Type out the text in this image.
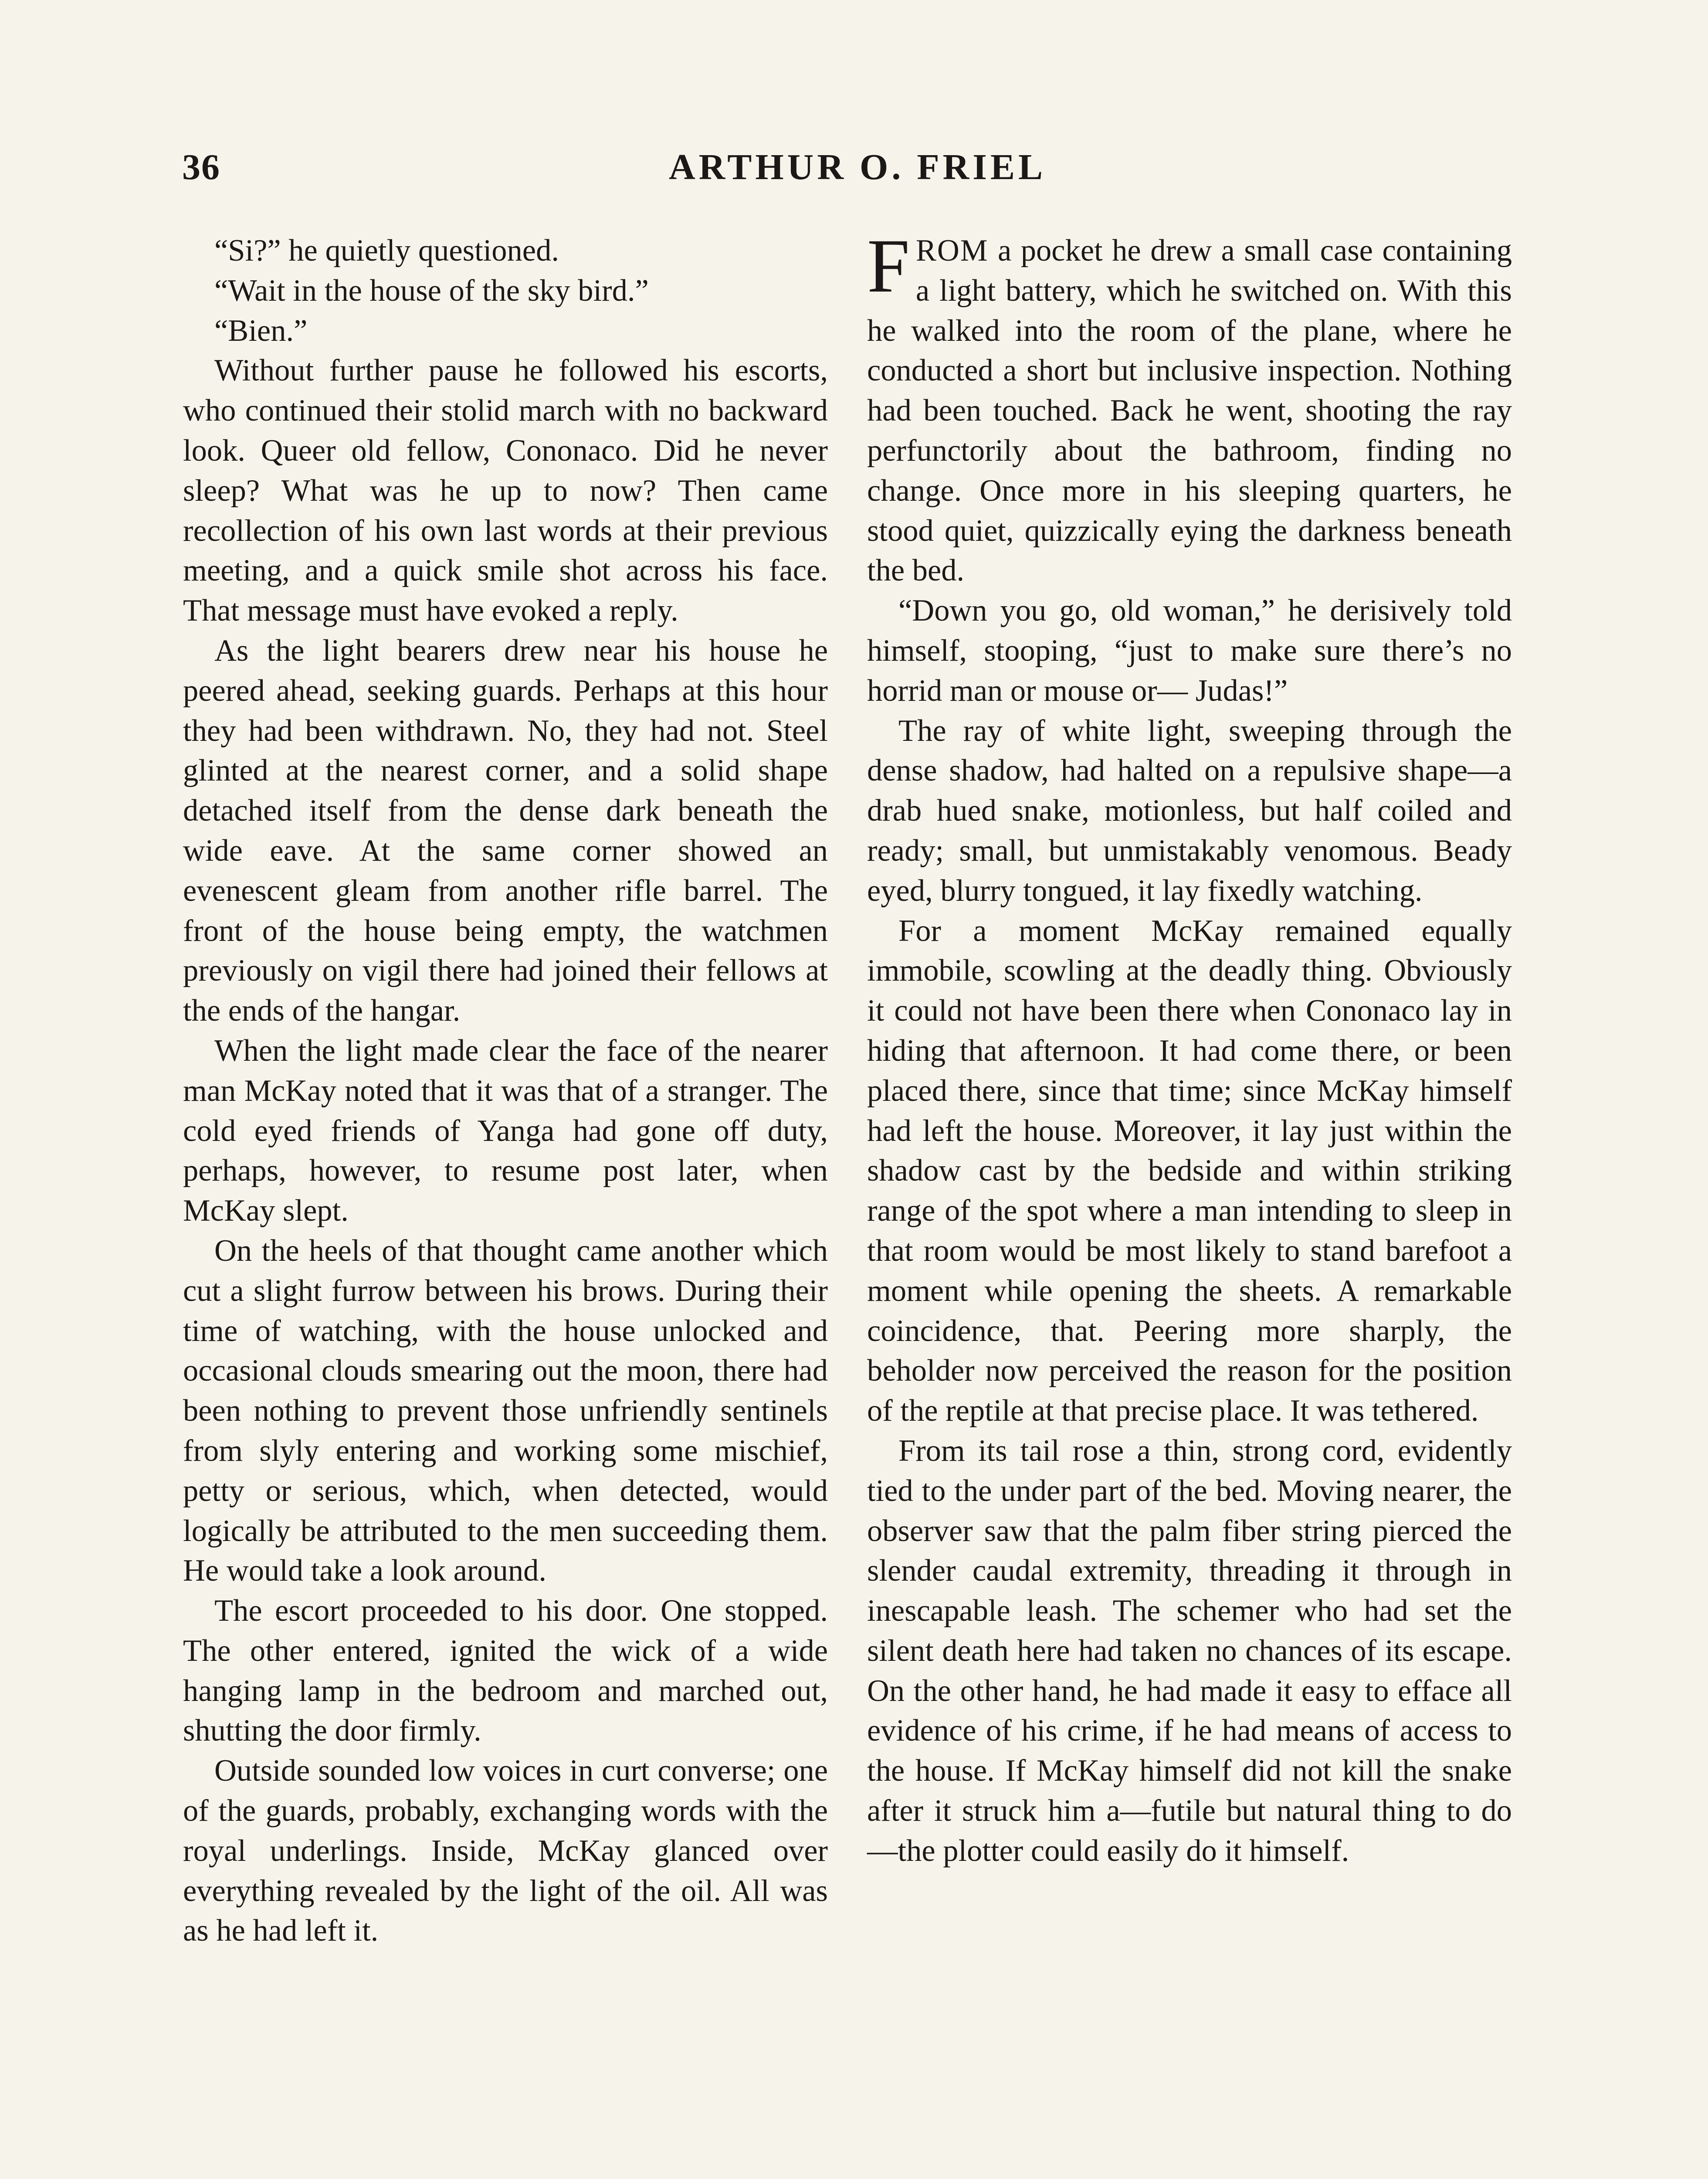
36	ARTHUR O. FRIEL

“Si?” he quietly questioned.

“Wait in the house of the sky bird.”

“Bien.”

Without further pause he followed his escorts, who continued their stolid march with no backward look. Queer old fellow, Cononaco. Did he never sleep? What was he up to now? Then came recollection of his own last words at their previous meeting, and a quick smile shot across his face. That message must have evoked a reply.

As the light bearers drew near his house he peered ahead, seeking guards. Perhaps at this hour they had been withdrawn. No, they had not. Steel glinted at the nearest corner, and a solid shape detached itself from the dense dark beneath the wide eave. At the same corner showed an evenescent gleam from another rifle barrel. The front of the house being empty, the watchmen previously on vigil there had joined their fellows at the ends of the hangar.

When the light made clear the face of the nearer man McKay noted that it was that of a stranger. The cold eyed friends of Yanga had gone off duty, perhaps, however, to resume post later, when McKay slept.

On the heels of that thought came another which cut a slight furrow between his brows. During their time of watching, with the house unlocked and occasional clouds smearing out the moon, there had been nothing to prevent those unfriendly sentinels from slyly entering and working some mischief, petty or serious, which, when detected, would logically be attributed to the men succeeding them. He would take a look around.

The escort proceeded to his door. One stopped. The other entered, ignited the wick of a wide hanging lamp in the bedroom and marched out, shutting the door firmly.

Outside sounded low voices in curt converse; one of the guards, probably, exchanging words with the royal underlings. Inside, McKay glanced over everything revealed by the light of the oil. All was as he had left it.

FROM a pocket he drew a small case containing a light battery, which he switched on. With this he walked into the room of the plane, where he conducted a short but inclusive inspection. Nothing had been touched. Back he went, shooting the ray perfunctorily about the bathroom, finding no change. Once more in his sleeping quarters, he stood quiet, quizzically eying the darkness beneath the bed.

“Down you go, old woman,” he derisively told himself, stooping, “just to make sure there’s no horrid man or mouse or— Judas!”

The ray of white light, sweeping through the dense shadow, had halted on a repulsive shape—a drab hued snake, motionless, but half coiled and ready; small, but unmistakably venomous. Beady eyed, blurry tongued, it lay fixedly watching.

For a moment McKay remained equally immobile, scowling at the deadly thing. Obviously it could not have been there when Cononaco lay in hiding that afternoon. It had come there, or been placed there, since that time; since McKay himself had left the house. Moreover, it lay just within the shadow cast by the bedside and within striking range of the spot where a man intending to sleep in that room would be most likely to stand barefoot a moment while opening the sheets. A remarkable coincidence, that. Peering more sharply, the beholder now perceived the reason for the position of the reptile at that precise place. It was tethered.

From its tail rose a thin, strong cord, evidently tied to the under part of the bed. Moving nearer, the observer saw that the palm fiber string pierced the slender caudal extremity, threading it through in inescapable leash. The schemer who had set the silent death here had taken no chances of its escape. On the other hand, he had made it easy to efface all evidence of his crime, if he had means of access to the house. If McKay himself did not kill the snake after it struck him a—futile but natural thing to do—the plotter could easily do it himself.
